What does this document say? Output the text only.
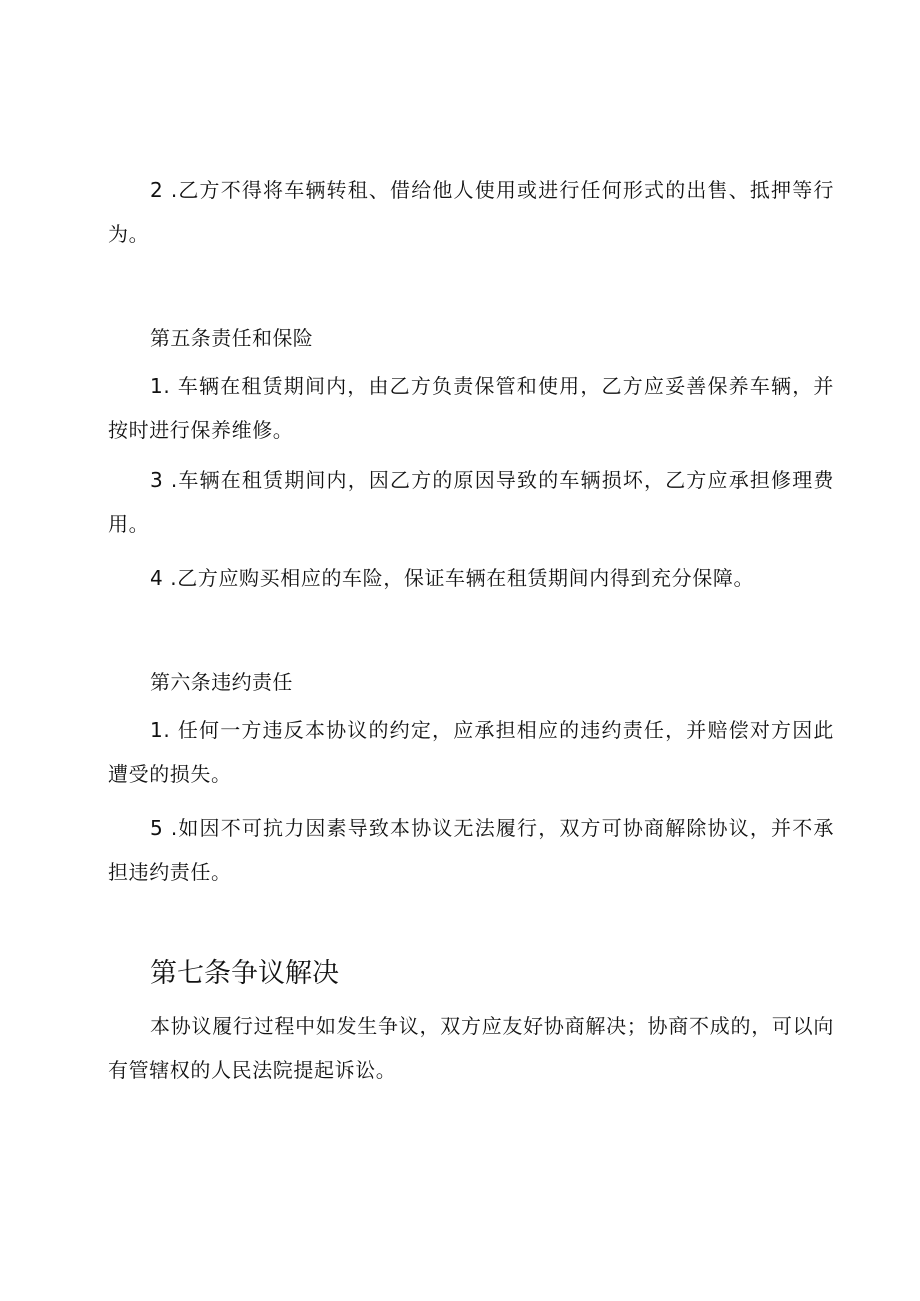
2 .乙方不得将车辆转租、借给他人使用或进行任何形式的出售、抵押等行为。

第五条责任和保险

1. 车辆在租赁期间内，由乙方负责保管和使用，乙方应妥善保养车辆，并按时进行保养维修。

3 .车辆在租赁期间内，因乙方的原因导致的车辆损坏，乙方应承担修理费用。

4 .乙方应购买相应的车险，保证车辆在租赁期间内得到充分保障。

第六条违约责任

1. 任何一方违反本协议的约定，应承担相应的违约责任，并赔偿对方因此遭受的损失。

5 .如因不可抗力因素导致本协议无法履行，双方可协商解除协议，并不承担违约责任。

第七条争议解决

本协议履行过程中如发生争议，双方应友好协商解决；协商不成的，可以向有管辖权的人民法院提起诉讼。
